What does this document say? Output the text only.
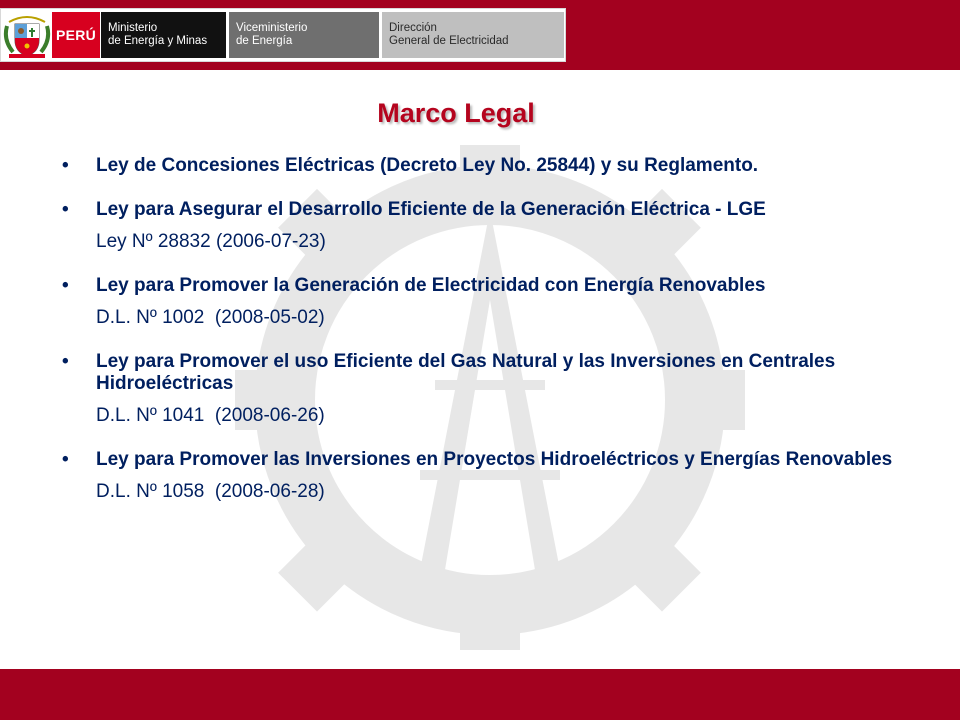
PERÚ	Ministerio
de Energía y Minas
Viceministerio
de Energía
Dirección
General de Electricidad
Marco Legal
• Ley de Concesiones Eléctricas (Decreto Ley No. 25844) y su Reglamento.
• Ley para Asegurar el Desarrollo Eficiente de la Generación Eléctrica - LGE
Ley Nº 28832 (2006-07-23)
• Ley para Promover la Generación de Electricidad con Energía Renovables
D.L. Nº 1002  (2008-05-02)
• Ley para Promover el uso Eficiente del Gas Natural y las Inversiones en Centrales Hidroeléctricas
D.L. Nº 1041  (2008-06-26)
• Ley para Promover las Inversiones en Proyectos Hidroeléctricos y Energías Renovables
D.L. Nº 1058  (2008-06-28)
